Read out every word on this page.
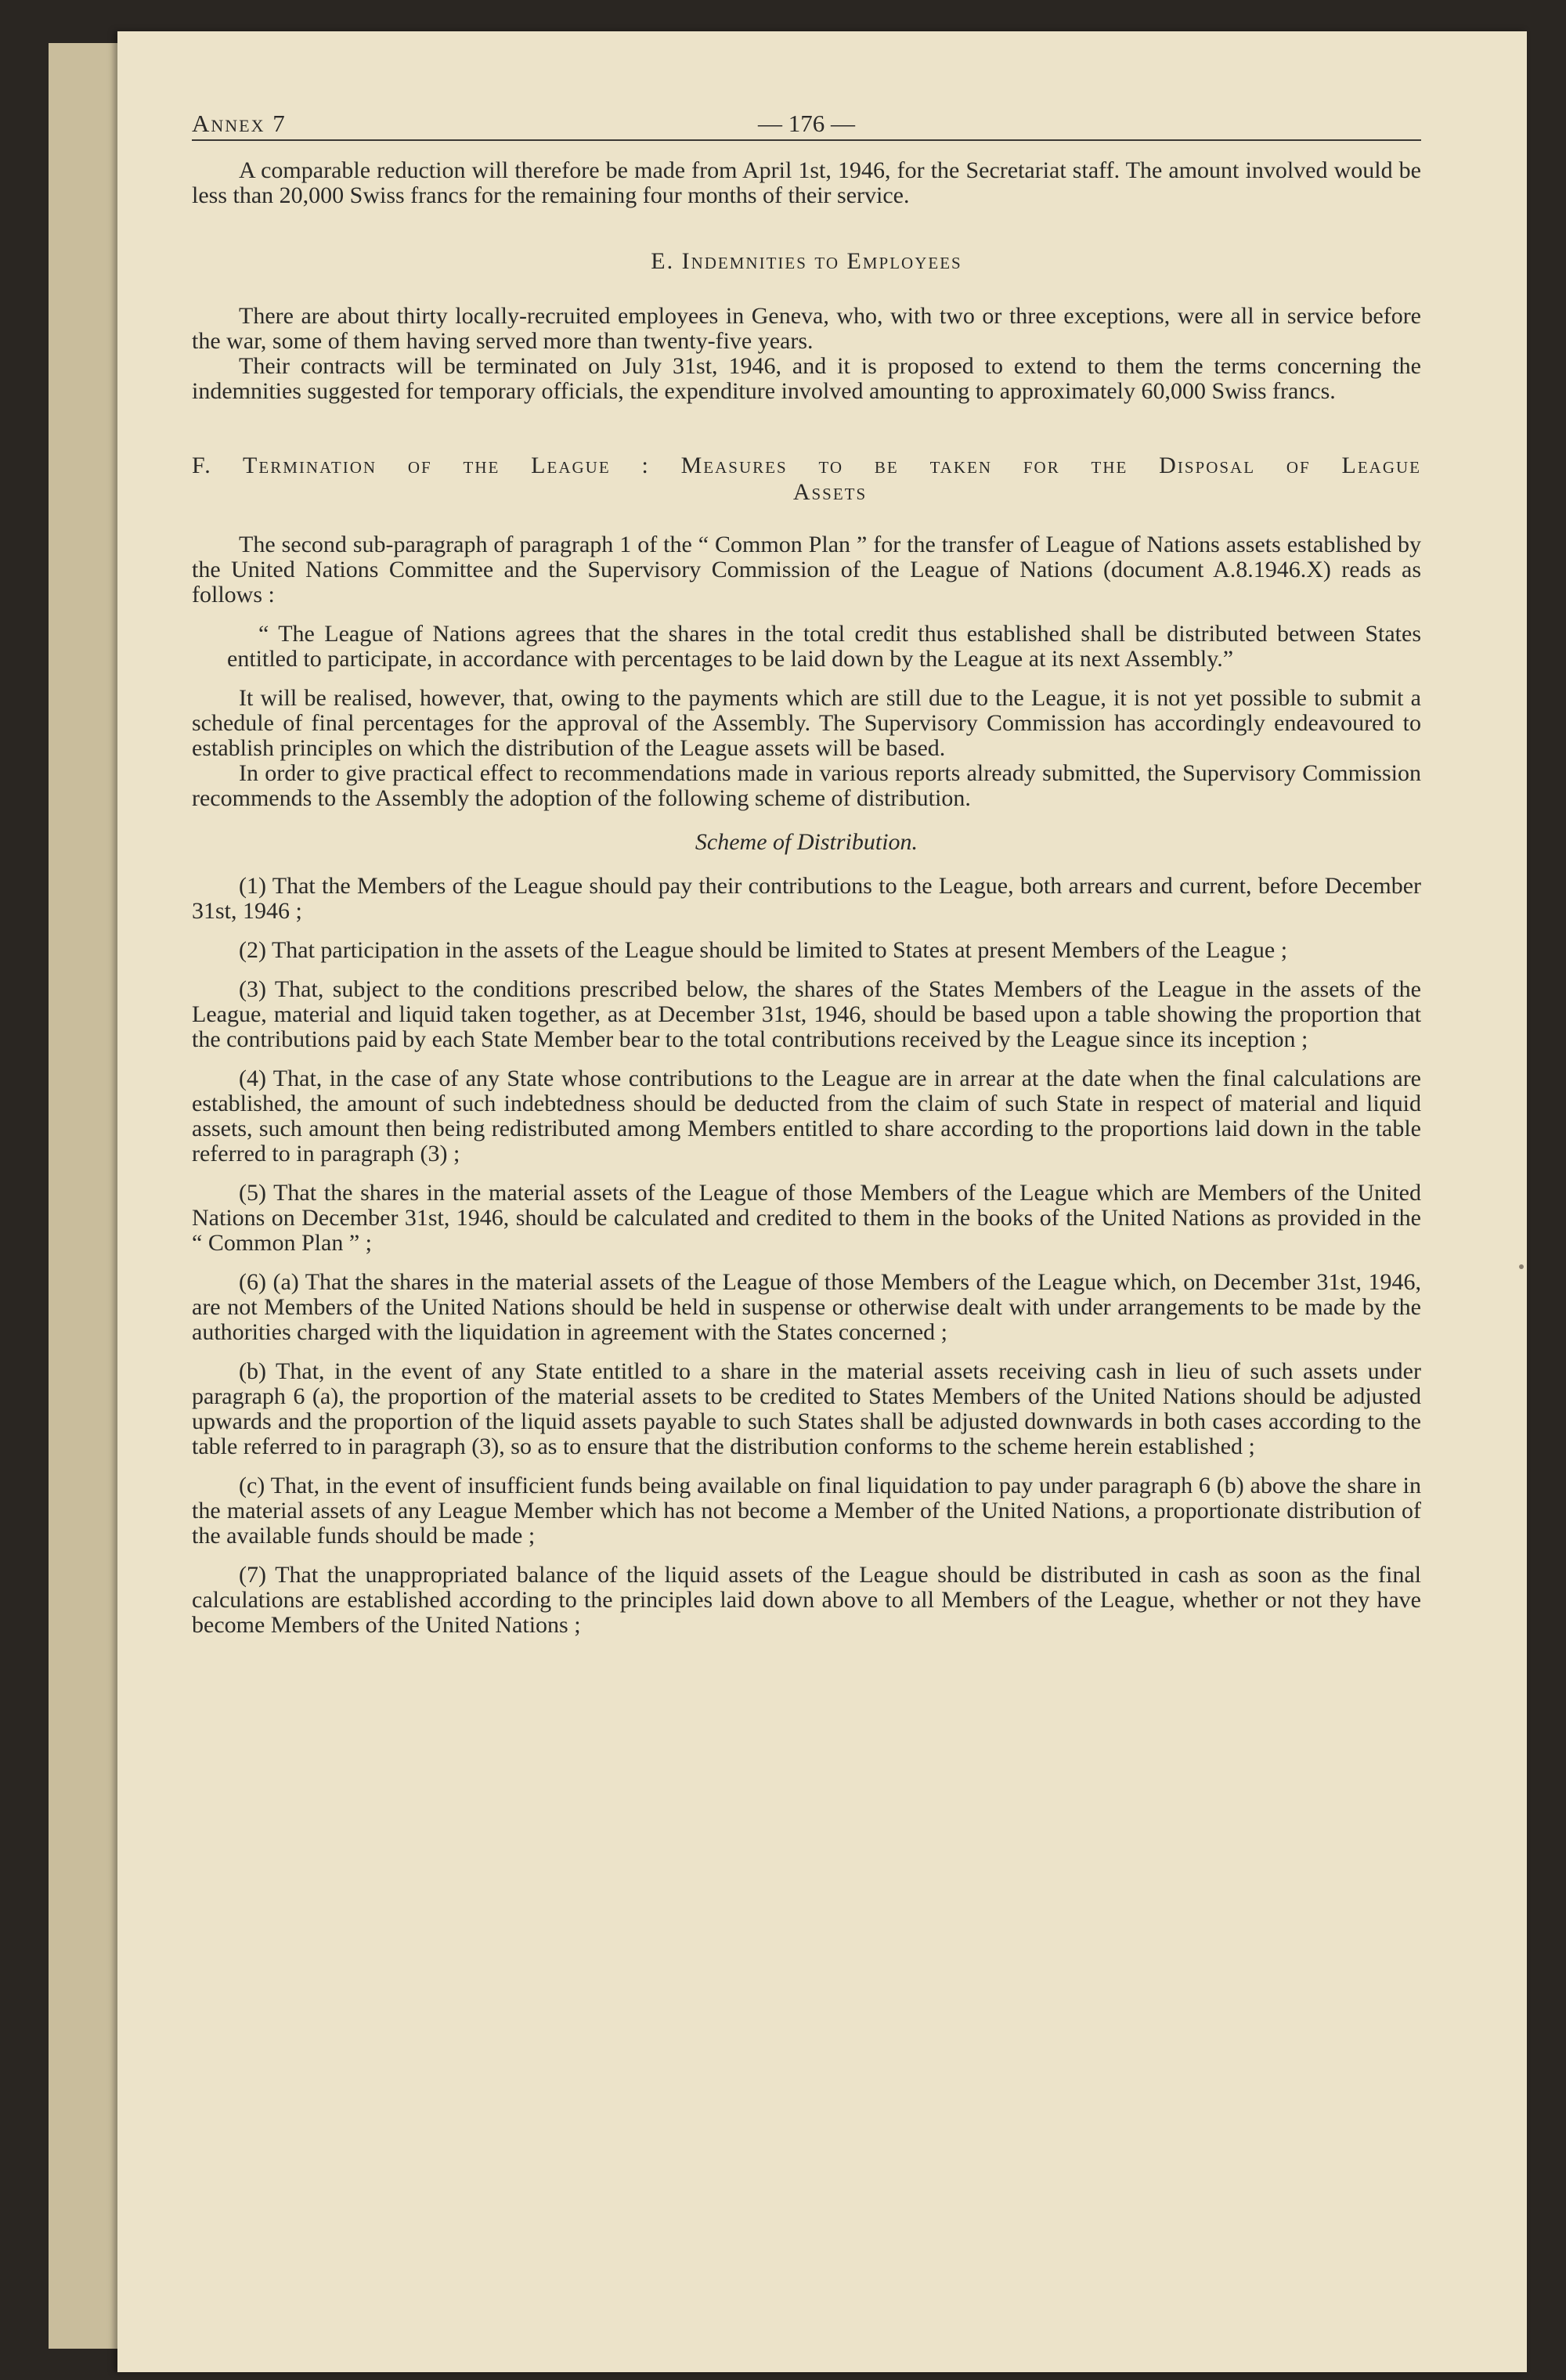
Annex 7	— 176 —

A comparable reduction will therefore be made from April 1st, 1946, for the Secretariat staff. The amount involved would be less than 20,000 Swiss francs for the remaining four months of their service.

E. Indemnities to Employees

There are about thirty locally-recruited employees in Geneva, who, with two or three exceptions, were all in service before the war, some of them having served more than twenty-five years.

Their contracts will be terminated on July 31st, 1946, and it is proposed to extend to them the terms concerning the indemnities suggested for temporary officials, the expenditure involved amounting to approximately 60,000 Swiss francs.

F. Termination of the League : Measures to be taken for the Disposal of League
Assets

The second sub-paragraph of paragraph 1 of the “ Common Plan ” for the transfer of League of Nations assets established by the United Nations Committee and the Supervisory Commission of the League of Nations (document A.8.1946.X) reads as follows :

“ The League of Nations agrees that the shares in the total credit thus established shall be distributed between States entitled to participate, in accordance with percentages to be laid down by the League at its next Assembly.”

It will be realised, however, that, owing to the payments which are still due to the League, it is not yet possible to submit a schedule of final percentages for the approval of the Assembly. The Supervisory Commission has accordingly endeavoured to establish principles on which the distribution of the League assets will be based.

In order to give practical effect to recommendations made in various reports already submitted, the Supervisory Commission recommends to the Assembly the adoption of the following scheme of distribution.

Scheme of Distribution.

(1) That the Members of the League should pay their contributions to the League, both arrears and current, before December 31st, 1946 ;

(2) That participation in the assets of the League should be limited to States at present Members of the League ;

(3) That, subject to the conditions prescribed below, the shares of the States Members of the League in the assets of the League, material and liquid taken together, as at December 31st, 1946, should be based upon a table showing the proportion that the contributions paid by each State Member bear to the total contributions received by the League since its inception ;

(4) That, in the case of any State whose contributions to the League are in arrear at the date when the final calculations are established, the amount of such indebtedness should be deducted from the claim of such State in respect of material and liquid assets, such amount then being redistributed among Members entitled to share according to the proportions laid down in the table referred to in paragraph (3) ;

(5) That the shares in the material assets of the League of those Members of the League which are Members of the United Nations on December 31st, 1946, should be calculated and credited to them in the books of the United Nations as provided in the “ Common Plan ” ;

(6) (a) That the shares in the material assets of the League of those Members of the League which, on December 31st, 1946, are not Members of the United Nations should be held in suspense or otherwise dealt with under arrangements to be made by the authorities charged with the liquidation in agreement with the States concerned ;

(b) That, in the event of any State entitled to a share in the material assets receiving cash in lieu of such assets under paragraph 6 (a), the proportion of the material assets to be credited to States Members of the United Nations should be adjusted upwards and the proportion of the liquid assets payable to such States shall be adjusted downwards in both cases according to the table referred to in paragraph (3), so as to ensure that the distribution conforms to the scheme herein established ;

(c) That, in the event of insufficient funds being available on final liquidation to pay under paragraph 6 (b) above the share in the material assets of any League Member which has not become a Member of the United Nations, a proportionate distribution of the available funds should be made ;

(7) That the unappropriated balance of the liquid assets of the League should be distributed in cash as soon as the final calculations are established according to the principles laid down above to all Members of the League, whether or not they have become Members of the United Nations ;
